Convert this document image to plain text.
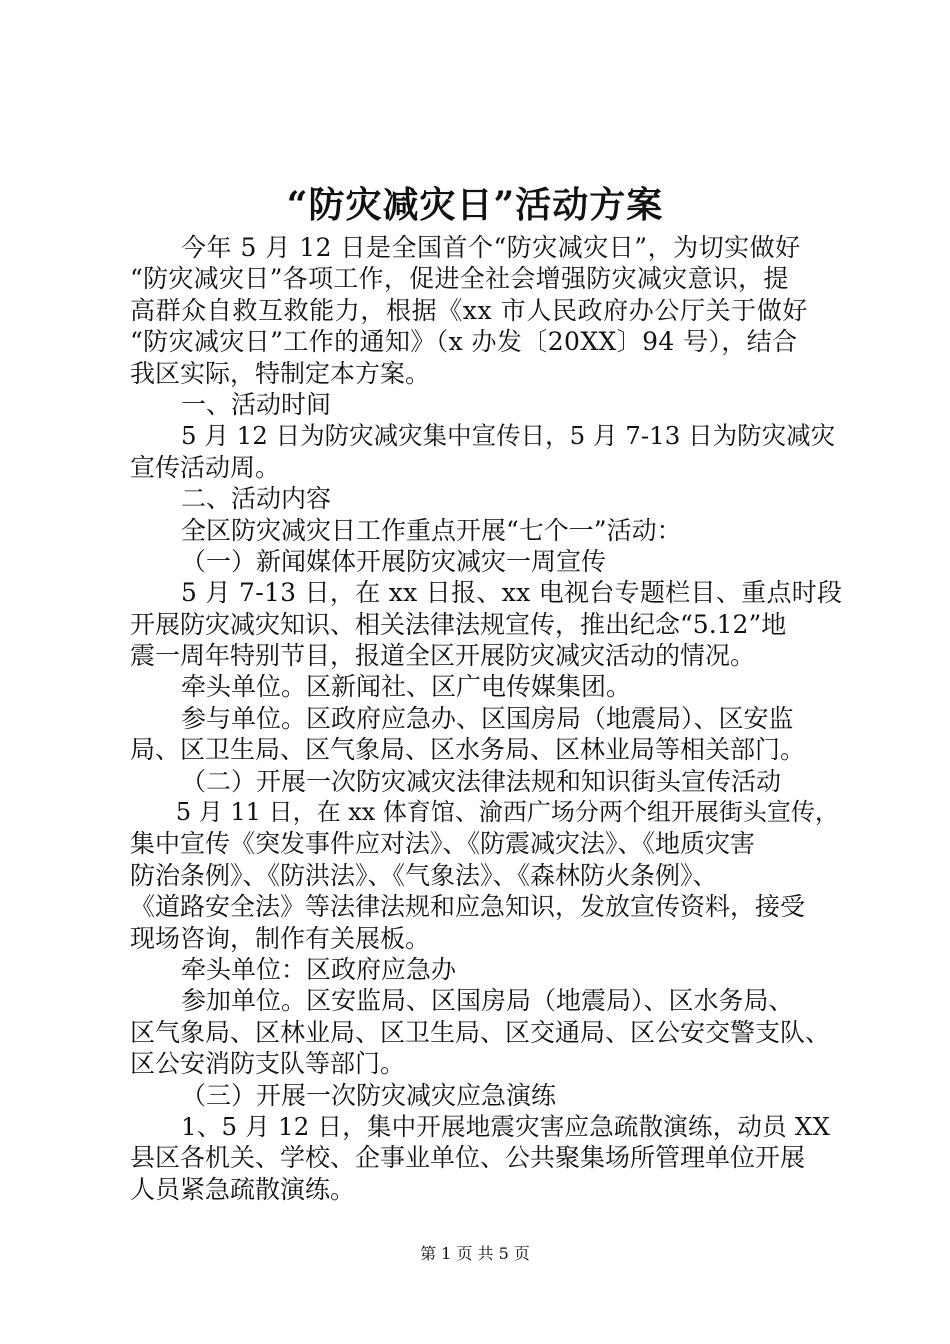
“防灾减灾日”活动方案
今年 5 月 12 日是全国首个“防灾减灾日”，为切实做好
“防灾减灾日”各项工作，促进全社会增强防灾减灾意识，提
高群众自救互救能力，根据《xx 市人民政府办公厅关于做好
“防灾减灾日”工作的通知》（x 办发〔20XX〕94 号），结合
我区实际，特制定本方案。
一、活动时间
5 月 12 日为防灾减灾集中宣传日，5 月 7-13 日为防灾减灾
宣传活动周。
二、活动内容
全区防灾减灾日工作重点开展“七个一”活动：
（一）新闻媒体开展防灾减灾一周宣传
5 月 7-13 日，在 xx 日报、xx 电视台专题栏目、重点时段
开展防灾减灾知识、相关法律法规宣传，推出纪念“5.12”地
震一周年特别节目，报道全区开展防灾减灾活动的情况。
牵头单位。区新闻社、区广电传媒集团。
参与单位。区政府应急办、区国房局（地震局）、区安监
局、区卫生局、区气象局、区水务局、区林业局等相关部门。
（二）开展一次防灾减灾法律法规和知识街头宣传活动
5 月 11 日，在 xx 体育馆、渝西广场分两个组开展街头宣传，
集中宣传《突发事件应对法》、《防震减灾法》、《地质灾害
防治条例》、《防洪法》、《气象法》、《森林防火条例》、
《道路安全法》等法律法规和应急知识，发放宣传资料，接受
现场咨询，制作有关展板。
牵头单位：区政府应急办
参加单位。区安监局、区国房局（地震局）、区水务局、
区气象局、区林业局、区卫生局、区交通局、区公安交警支队、
区公安消防支队等部门。
（三）开展一次防灾减灾应急演练
1、5 月 12 日，集中开展地震灾害应急疏散演练，动员 XX
县区各机关、学校、企事业单位、公共聚集场所管理单位开展
人员紧急疏散演练。
第 1 页 共 5 页
